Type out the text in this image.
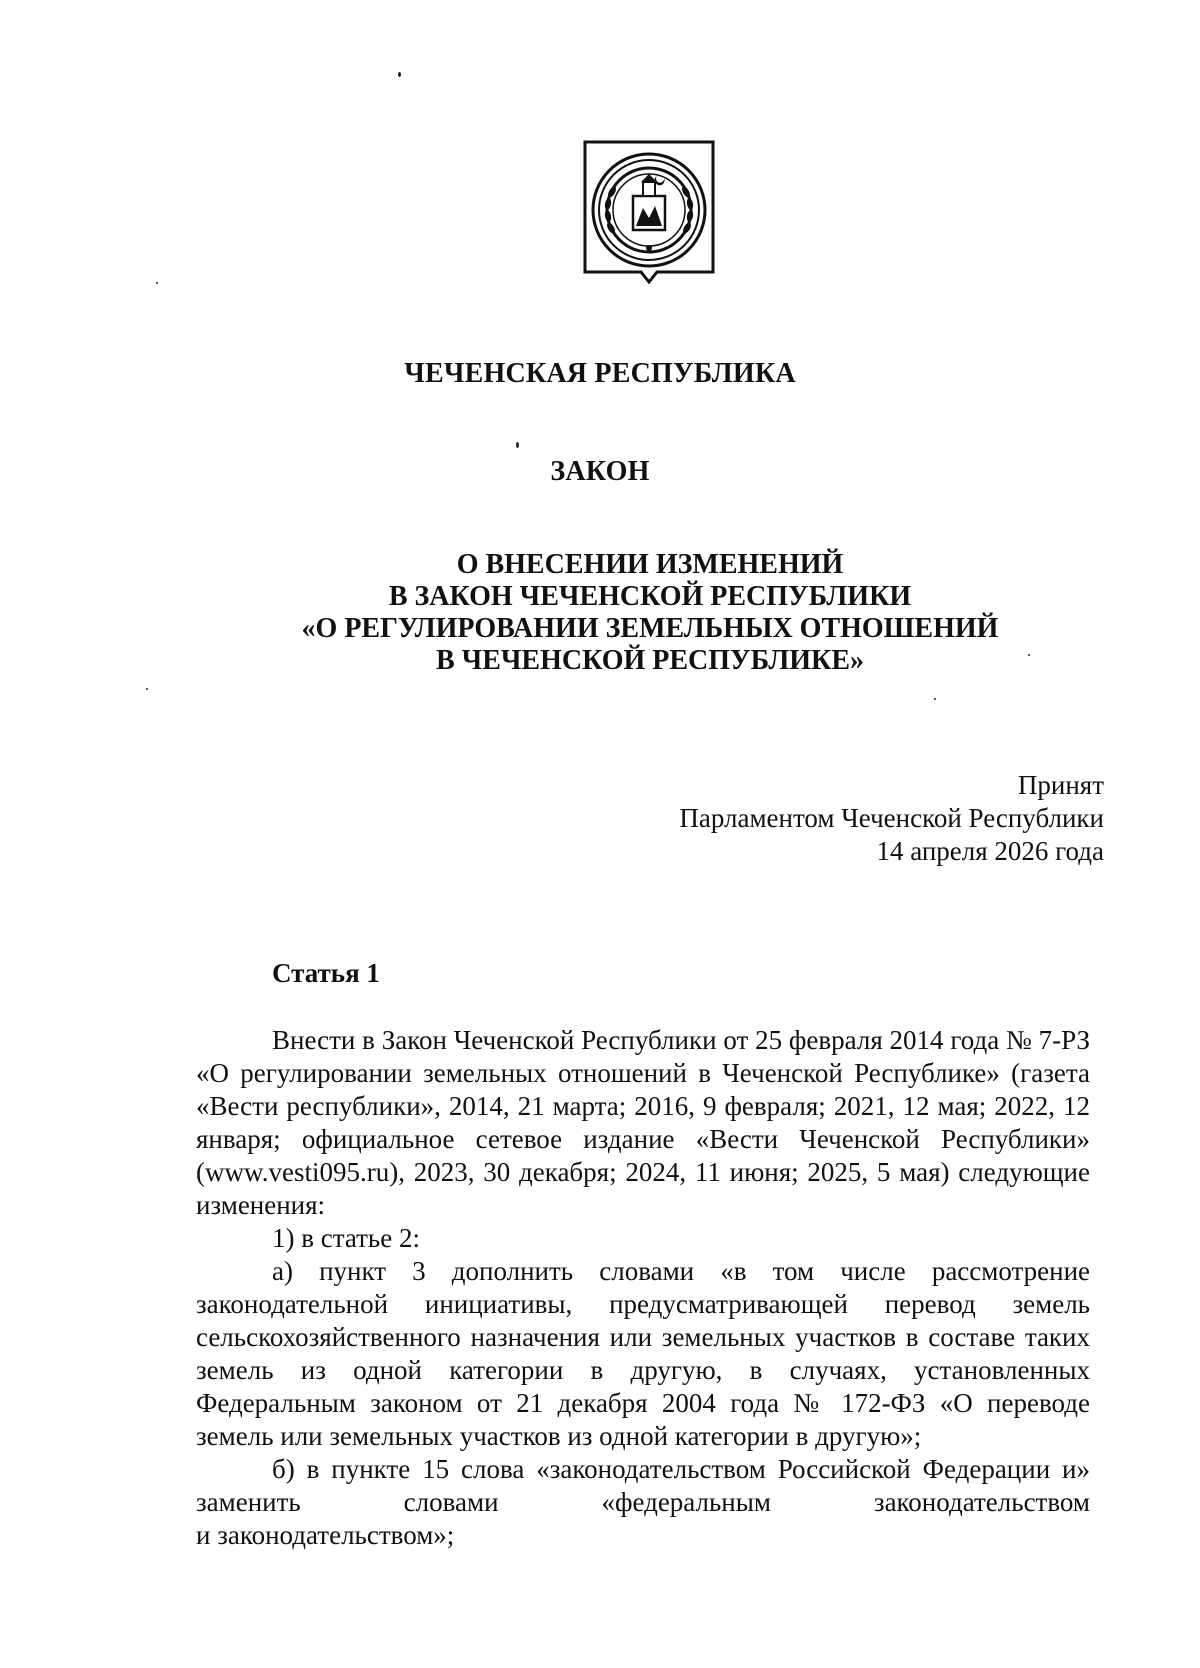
ЧЕЧЕНСКАЯ РЕСПУБЛИКА
ЗАКОН
О ВНЕСЕНИИ ИЗМЕНЕНИЙ
В ЗАКОН ЧЕЧЕНСКОЙ РЕСПУБЛИКИ
«О РЕГУЛИРОВАНИИ ЗЕМЕЛЬНЫХ ОТНОШЕНИЙ
В ЧЕЧЕНСКОЙ РЕСПУБЛИКЕ»
Принят
Парламентом Чеченской Республики
14 апреля 2026 года
Статья 1

Внести в Закон Чеченской Республики от 25 февраля 2014 года № 7-РЗ «О регулировании земельных отношений в Чеченской Республике» (газета «Вести республики», 2014, 21 марта; 2016, 9 февраля; 2021, 12 мая; 2022, 12 января; официальное сетевое издание «Вести Чеченской Республики» (www.vesti095.ru), 2023, 30 декабря; 2024, 11 июня; 2025, 5 мая) следующие изменения:

1) в статье 2:

а) пункт 3 дополнить словами «в том числе рассмотрение законодательной инициативы, предусматривающей перевод земель сельскохозяйственного назначения или земельных участков в составе таких земель из одной категории в другую, в случаях, установленных Федеральным законом от 21 декабря 2004 года № 172-ФЗ «О переводе земель или земельных участков из одной категории в другую»;

б) в пункте 15 слова «законодательством Российской Федерации и» заменить словами «федеральным законодательством

и законодательством»;
